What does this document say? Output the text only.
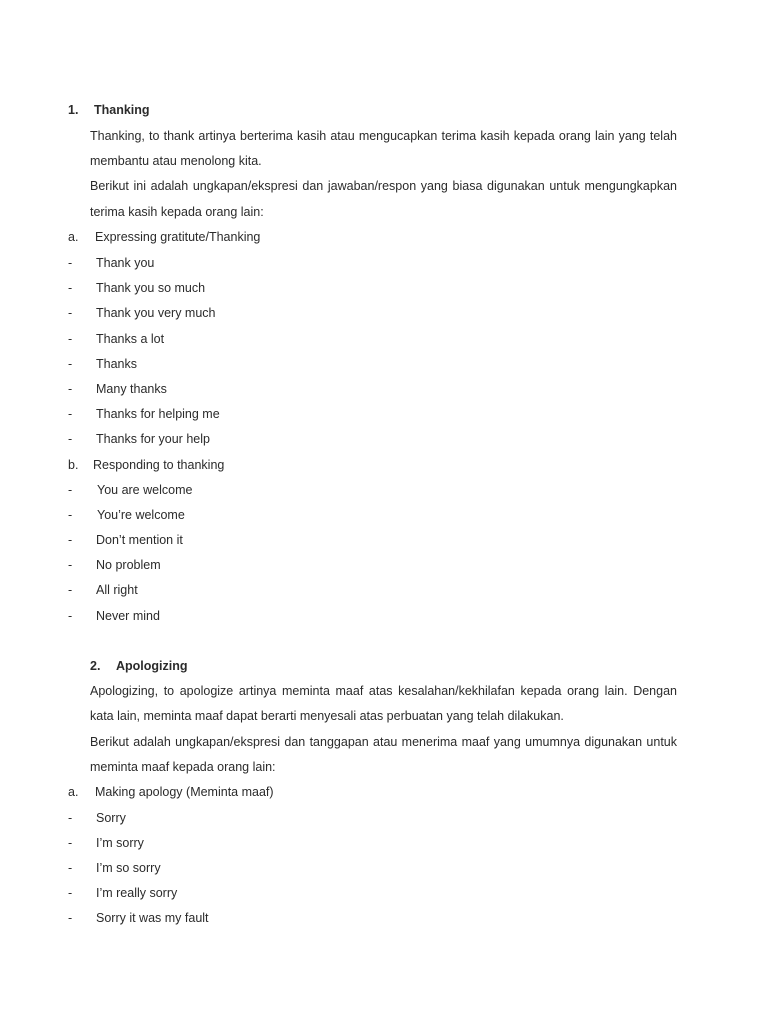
1. Thanking
Thanking, to thank artinya berterima kasih atau mengucapkan terima kasih kepada orang lain yang telah
membantu atau menolong kita.
Berikut ini adalah ungkapan/ekspresi dan jawaban/respon yang biasa digunakan untuk mengungkapkan
terima kasih kepada orang lain:
a. Expressing gratitute/Thanking
- Thank you
- Thank you so much
- Thank you very much
- Thanks a lot
- Thanks
- Many thanks
- Thanks for helping me
- Thanks for your help
b. Responding to thanking
- You are welcome
- You’re welcome
- Don’t mention it
- No problem
- All right
- Never mind
2. Apologizing
Apologizing, to apologize artinya meminta maaf atas kesalahan/kekhilafan kepada orang lain. Dengan
kata lain, meminta maaf dapat berarti menyesali atas perbuatan yang telah dilakukan.
Berikut adalah ungkapan/ekspresi dan tanggapan atau menerima maaf yang umumnya digunakan untuk
meminta maaf kepada orang lain:
a. Making apology (Meminta maaf)
- Sorry
- I’m sorry
- I’m so sorry
- I’m really sorry
- Sorry it was my fault
